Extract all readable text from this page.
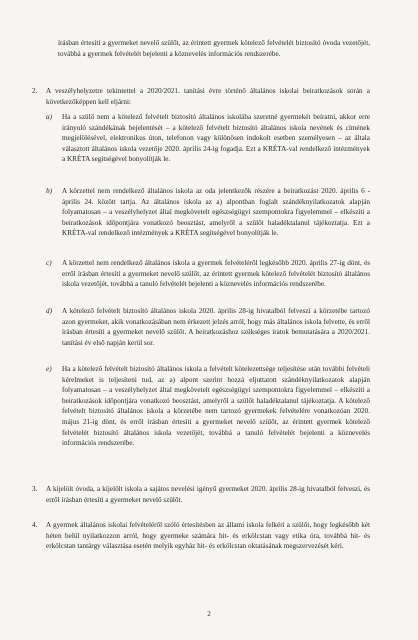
írásban értesíti a gyermeket nevelő szülőt, az érintett gyermek kötelező felvételét biztosító óvoda vezetőjét, továbbá a gyermek felvételét bejelenti a köznevelés információs rendszerébe.

2. A veszélyhelyzetre tekintettel a 2020/2021. tanítási évre történő általános iskolai beiratkozások során a következőképpen kell eljárni:

a) Ha a szülő nem a kötelező felvételt biztosító általános iskolába szeretné gyermekét beíratni, akkor erre irányuló szándékának bejelentését – a kötelező felvételt biztosító általános iskola nevének és címének megjelölésével, elektronikus úton, telefonon vagy különösen indokolt esetben személyesen – az általa választott általános iskola vezetője 2020. április 24-ig fogadja. Ezt a KRÉTA-val rendelkező intézmények a KRÉTA segítségével bonyolítják le.

b) A körzettel nem rendelkező általános iskola az oda jelentkezők részére a beiratkozást 2020. április 6 - április 24. között tartja. Az általános iskola az a) alpontban foglalt szándéknyilatkozatok alapján folyamatosan – a veszélyhelyzet által megkövetelt egészségügyi szempontokra figyelemmel – elkészíti a beiratkozások időpontjára vonatkozó beosztást, amelyről a szülőt haladéktalanul tájékoztatja. Ezt a KRÉTA-val rendelkező intézmények a KRÉTA segítségével bonyolítják le.

c) A körzettel nem rendelkező általános iskola a gyermek felvételéről legkésőbb 2020. április 27-ig dönt, és erről írásban értesíti a gyermeket nevelő szülőt, az érintett gyermek kötelező felvételét biztosító általános iskola vezetőjét, továbbá a tanuló felvételét bejelenti a köznevelés információs rendszerébe.

d) A kötelező felvételt biztosító általános iskola 2020. április 28-ig hivatalból felveszi a körzetébe tartozó azon gyermeket, akik vonatkozásában nem érkezett jelzés arról, hogy más általános iskola felvette, és erről írásban értesíti a gyermeket nevelő szülőt. A beiratkozáshoz szükséges iratok bemutatására a 2020/2021. tanítási év első napján kerül sor.

e) Ha a kötelező felvételt biztosító általános iskola a felvételt kötelezettsége teljesítése után további felvételi kérelmeket is teljesíteni tud, az a) alpont szerint hozzá eljuttatott szándéknyilatkozatok alapján folyamatosan – a veszélyhelyzet által megkövetelt egészségügyi szempontokra figyelemmel – elkészíti a beiratkozások időpontjára vonatkozó beosztást, amelyről a szülőt haladéktalanul tájékoztatja. A kötelező felvételt biztosító általános iskola a körzetébe nem tartozó gyermekek felvételére vonatkozóan 2020. május 21-ig dönt, és erről írásban értesíti a gyermeket nevelő szülőt, az érintett gyermek kötelező felvételét biztosító általános iskola vezetőjét, továbbá a tanuló felvételét bejelenti a köznevelés információs rendszerébe.

3. A kijelölt óvoda, a kijelölt iskola a sajátos nevelési igényű gyermeket 2020. április 28-ig hivatalból felveszi, és erről írásban értesíti a gyermeket nevelő szülőt.

4. A gyermek általános iskolai felvételéről szóló értesítésben az állami iskola felkéri a szülőt, hogy legkésőbb két héten belül nyilatkozzon arról, hogy gyermeke számára hit- és erkölcstan vagy etika óra, továbbá hit- és erkölcstan tantárgy választása esetén melyik egyház hit- és erkölcstan oktatásának megszervezését kéri.

2
